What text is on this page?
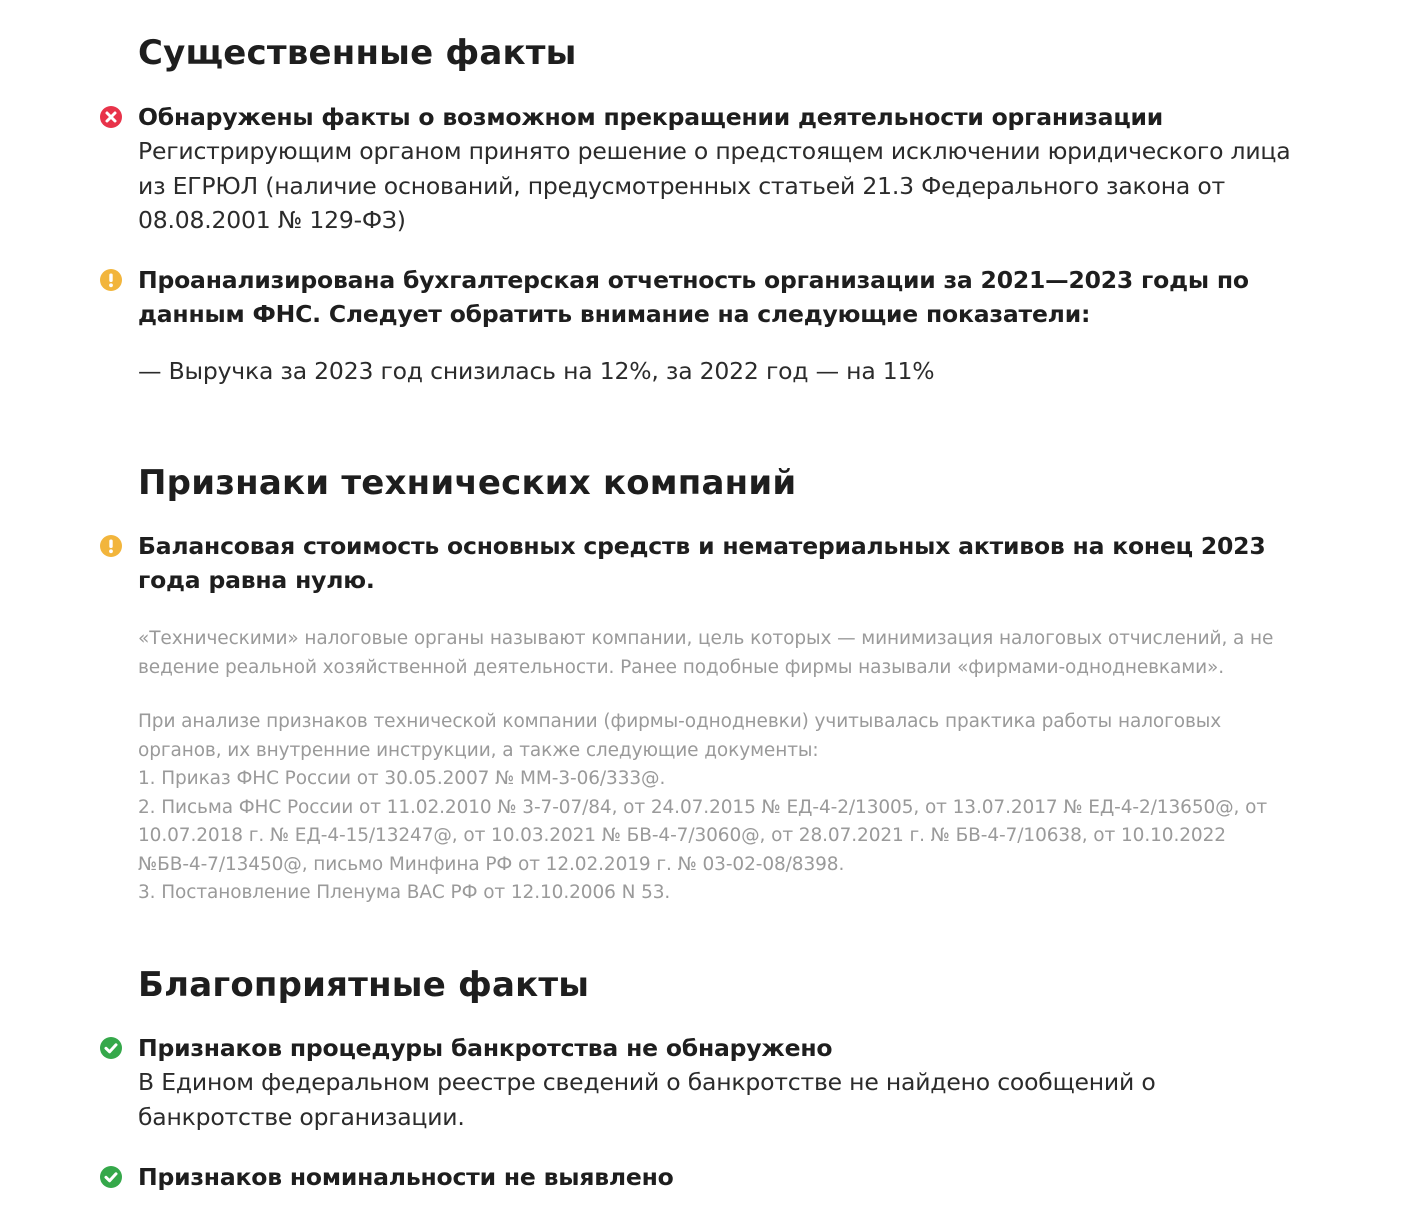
Существенные факты
Обнаружены факты о возможном прекращении деятельности организации
Регистрирующим органом принято решение о предстоящем исключении юридического лица из ЕГРЮЛ (наличие оснований, предусмотренных статьей 21.3 Федерального закона от 08.08.2001 № 129-ФЗ)
Проанализирована бухгалтерская отчетность организации за 2021—2023 годы по данным ФНС. Следует обратить внимание на следующие показатели:
— Выручка за 2023 год снизилась на 12%, за 2022 год — на 11%
Признаки технических компаний
Балансовая стоимость основных средств и нематериальных активов на конец 2023 года равна нулю.

«Техническими» налоговые органы называют компании, цель которых — минимизация налоговых отчислений, а не ведение реальной хозяйственной деятельности. Ранее подобные фирмы называли «фирмами-однодневками».

При анализе признаков технической компании (фирмы-однодневки) учитывалась практика работы налоговых органов, их внутренние инструкции, а также следующие документы:

1. Приказ ФНС России от 30.05.2007 № ММ-3-06/333@.

2. Письма ФНС России от 11.02.2010 № 3-7-07/84, от 24.07.2015 № ЕД-4-2/13005, от 13.07.2017 № ЕД-4-2/13650@, от 10.07.2018 г. № ЕД-4-15/13247@, от 10.03.2021 № БВ-4-7/3060@, от 28.07.2021 г. № БВ-4-7/10638, от 10.10.2022 №БВ-4-7/13450@, письмо Минфина РФ от 12.02.2019 г. № 03-02-08/8398.

3. Постановление Пленума ВАС РФ от 12.10.2006 N 53.

Благоприятные факты
Признаков процедуры банкротства не обнаружено
В Едином федеральном реестре сведений о банкротстве не найдено сообщений о банкротстве организации.
Признаков номинальности не выявлено
